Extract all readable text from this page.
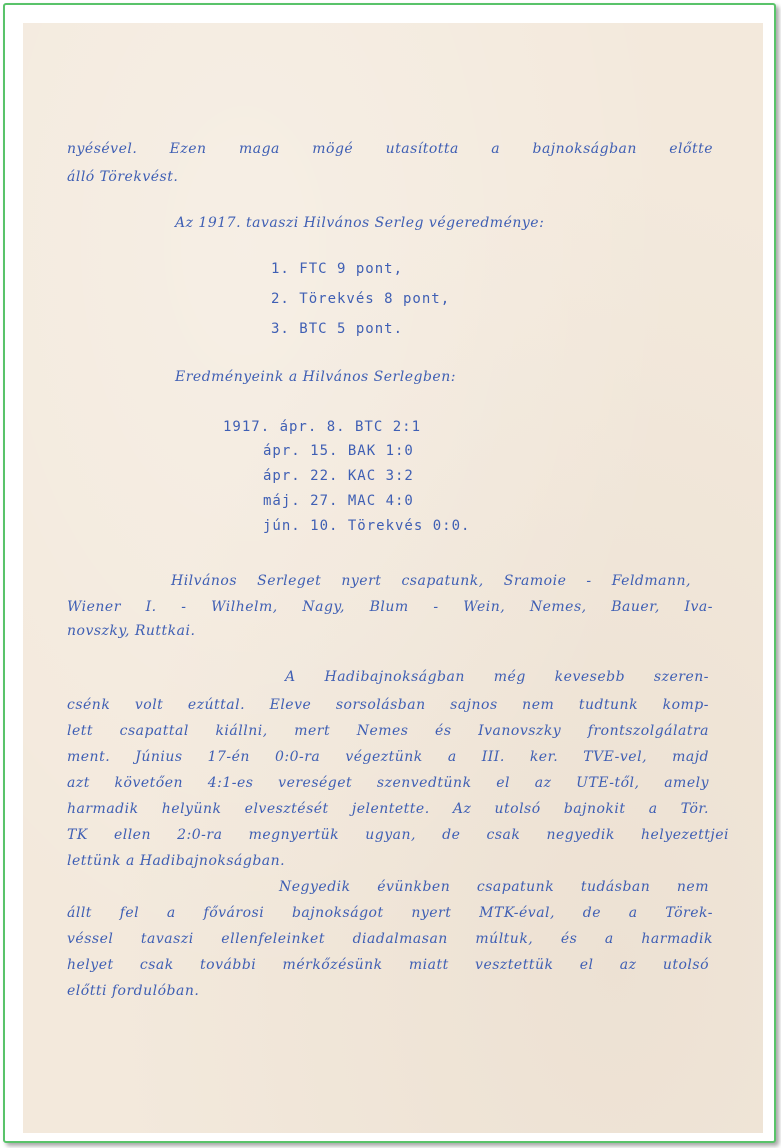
nyésével. Ezen maga mögé utasította a bajnokságban előtte
álló Törekvést.
Az 1917. tavaszi Hilvános Serleg végeredménye:
1. FTC 9 pont,
2. Törekvés 8 pont,
3. BTC 5 pont.
Eredményeink a Hilvános Serlegben:
1917. ápr. 8. BTC 2:1
ápr. 15. BAK 1:0
ápr. 22. KAC 3:2
máj. 27. MAC 4:0
jún. 10. Törekvés 0:0.
Hilvános Serleget nyert csapatunk, Sramoie - Feldmann,
Wiener I. - Wilhelm, Nagy, Blum - Wein, Nemes, Bauer, Iva-
novszky, Ruttkai.
A Hadibajnokságban még kevesebb szeren-
csénk volt ezúttal. Eleve sorsolásban sajnos nem tudtunk komp-
lett csapattal kiállni, mert Nemes és Ivanovszky frontszolgálatra
ment. Június 17-én 0:0-ra végeztünk a III. ker. TVE-vel, majd
azt követően 4:1-es vereséget szenvedtünk el az UTE-től, amely
harmadik helyünk elvesztését jelentette. Az utolsó bajnokit a Tör.
TK ellen 2:0-ra megnyertük ugyan, de csak negyedik helyezettjei
lettünk a Hadibajnokságban.
Negyedik évünkben csapatunk tudásban nem
állt fel a fővárosi bajnokságot nyert MTK-éval, de a Törek-
véssel tavaszi ellenfeleinket diadalmasan múltuk, és a harmadik
helyet csak további mérkőzésünk miatt vesztettük el az utolsó
előtti fordulóban.
